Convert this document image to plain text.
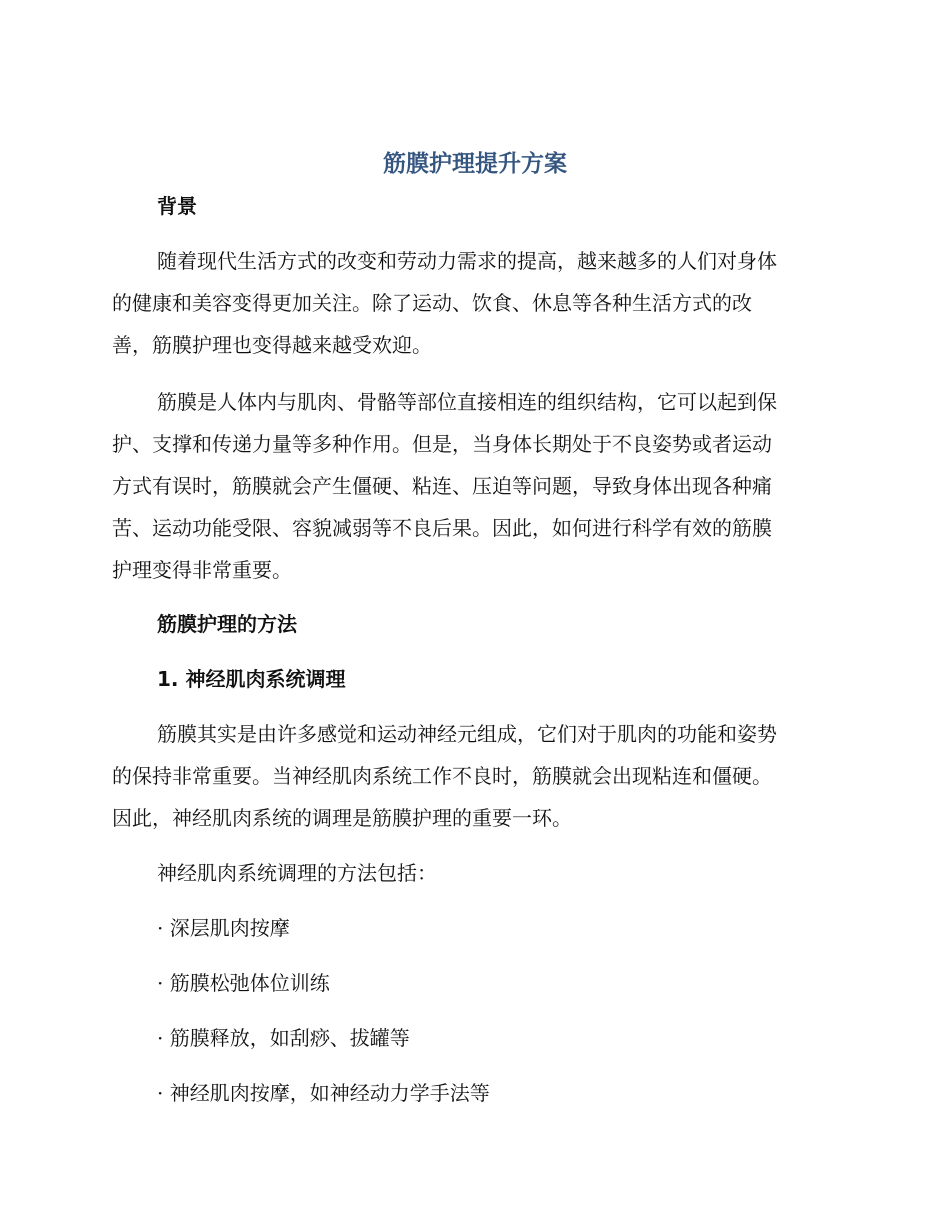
筋膜护理提升方案
背景

随着现代生活方式的改变和劳动力需求的提高，越来越多的人们对身体
的健康和美容变得更加关注。除了运动、饮食、休息等各种生活方式的改
善，筋膜护理也变得越来越受欢迎。

筋膜是人体内与肌肉、骨骼等部位直接相连的组织结构，它可以起到保
护、支撑和传递力量等多种作用。但是，当身体长期处于不良姿势或者运动
方式有误时，筋膜就会产生僵硬、粘连、压迫等问题，导致身体出现各种痛
苦、运动功能受限、容貌减弱等不良后果。因此，如何进行科学有效的筋膜
护理变得非常重要。

筋膜护理的方法
1. 神经肌肉系统调理

筋膜其实是由许多感觉和运动神经元组成，它们对于肌肉的功能和姿势
的保持非常重要。当神经肌肉系统工作不良时，筋膜就会出现粘连和僵硬。
因此，神经肌肉系统的调理是筋膜护理的重要一环。

神经肌肉系统调理的方法包括：

· 深层肌肉按摩

· 筋膜松弛体位训练

· 筋膜释放，如刮痧、拔罐等

· 神经肌肉按摩，如神经动力学手法等
